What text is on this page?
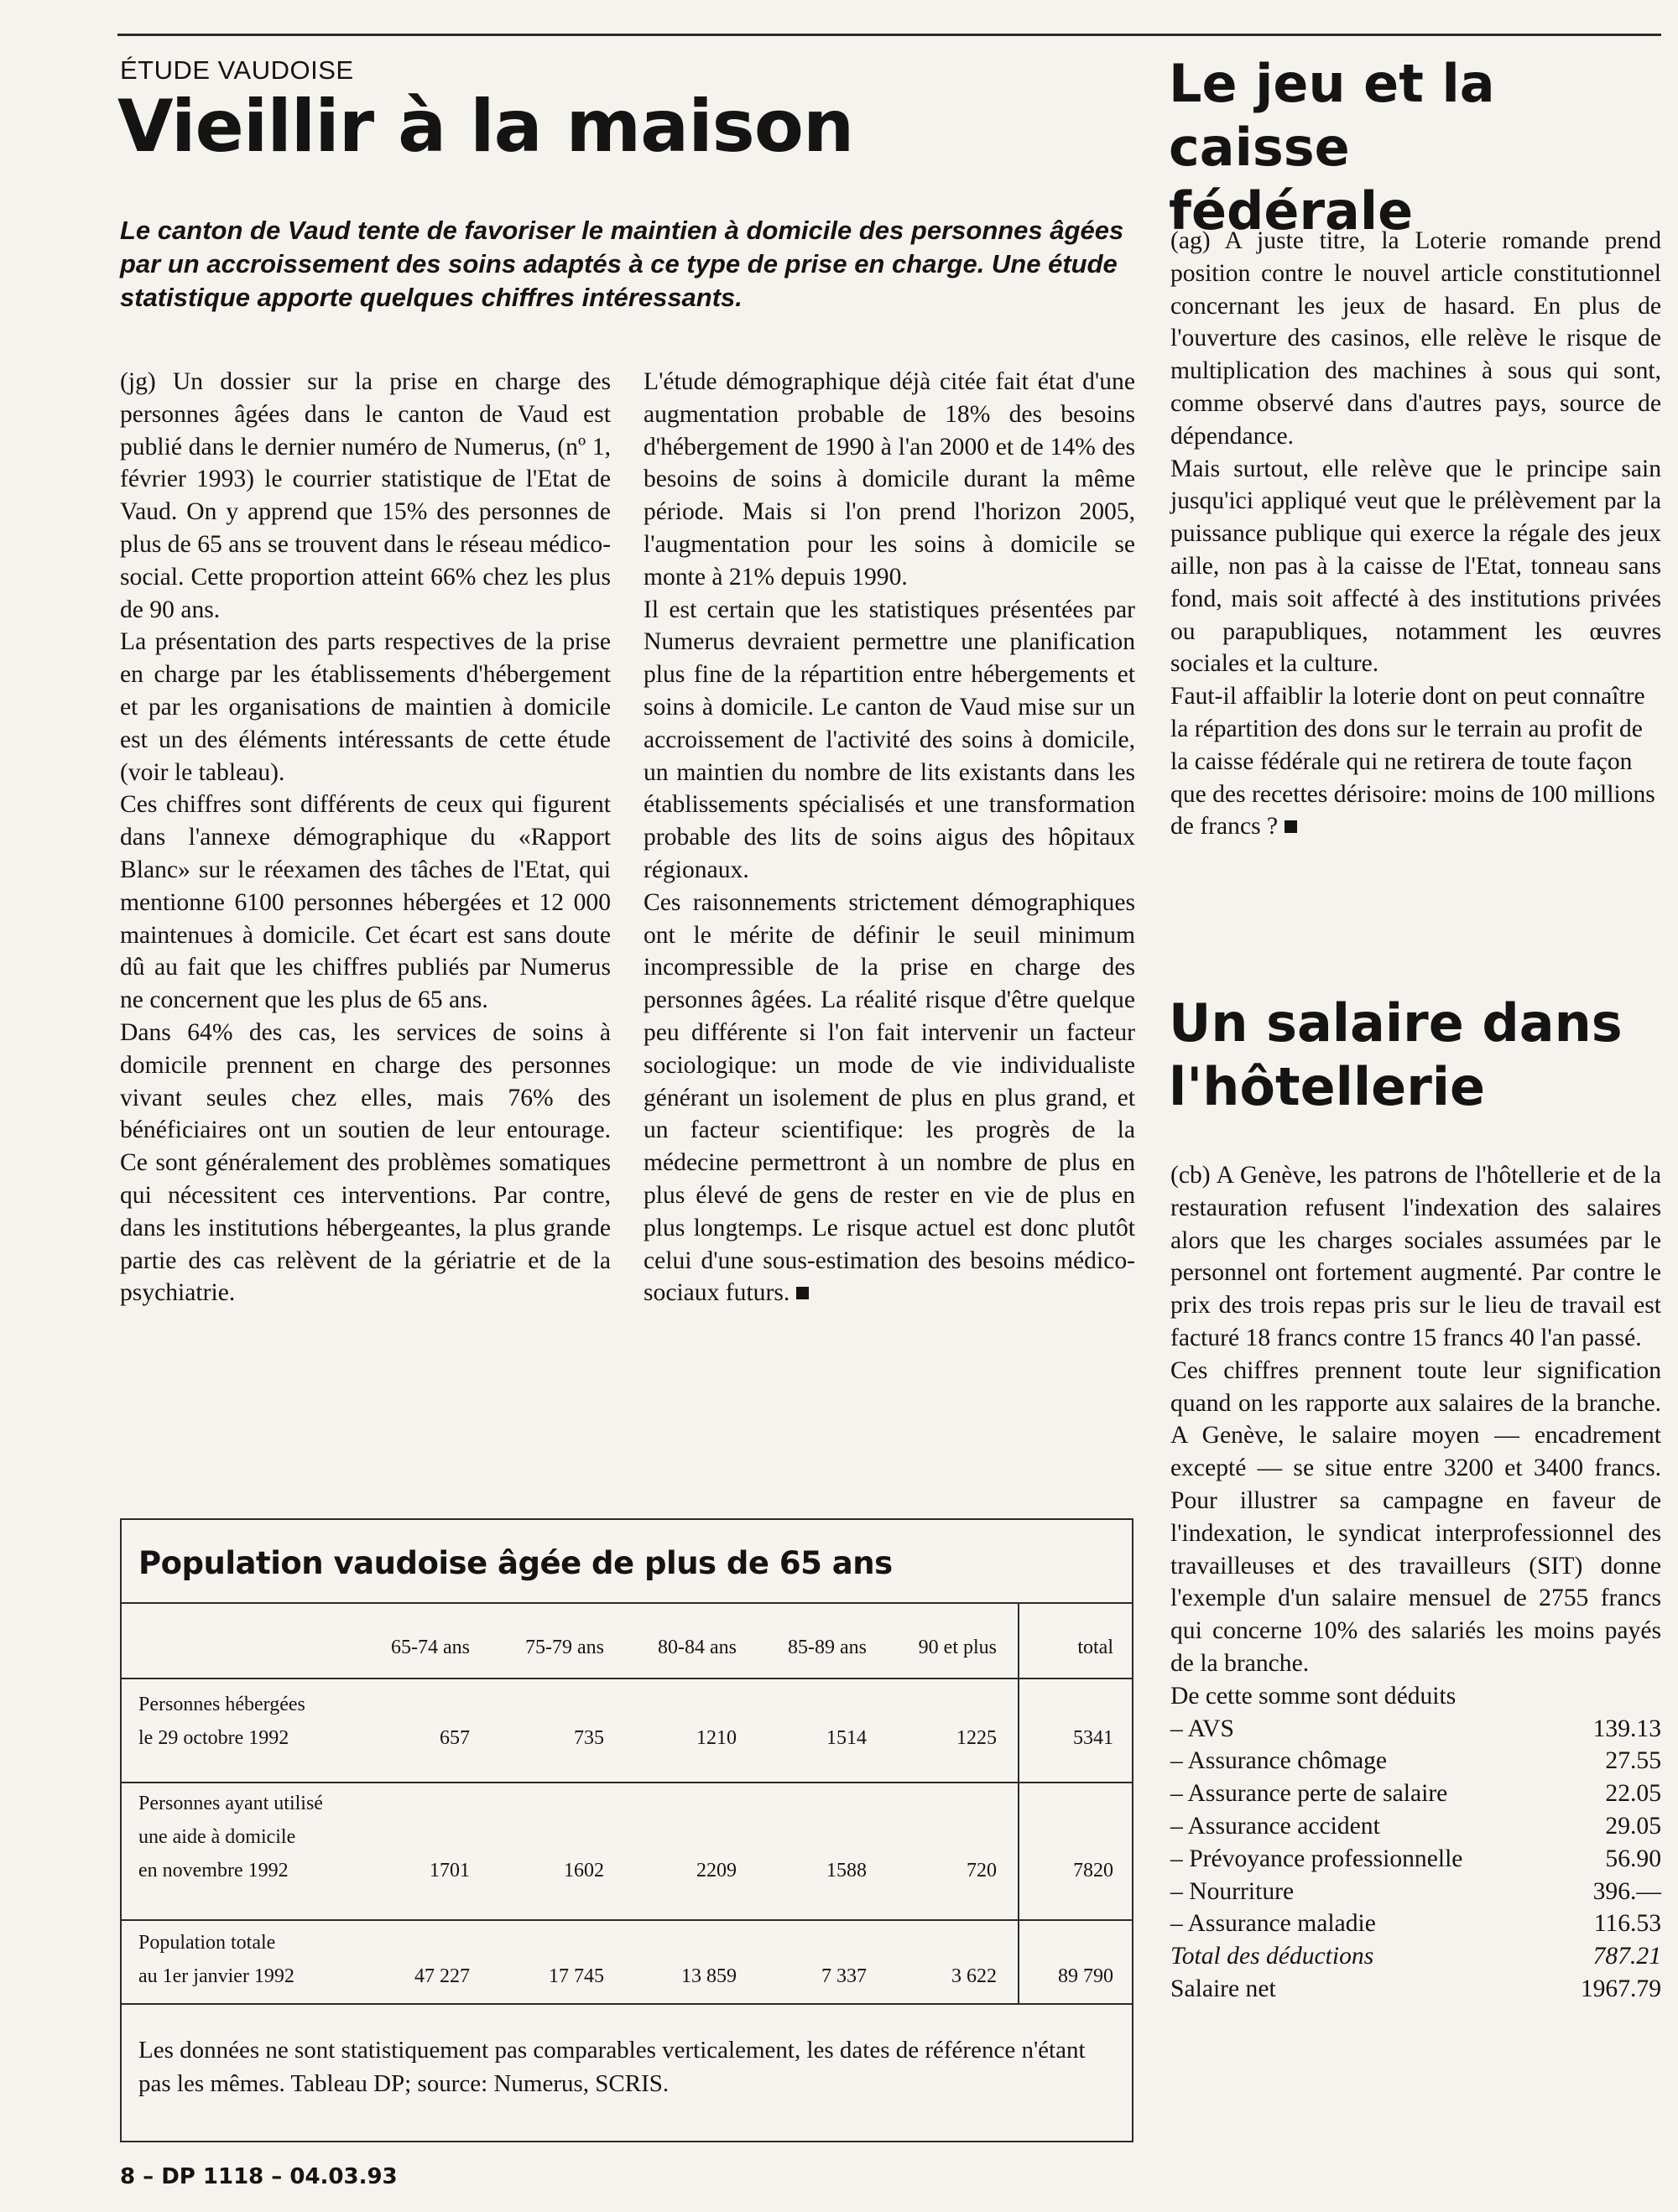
ÉTUDE VAUDOISE
Vieillir à la maison
Le canton de Vaud tente de favoriser le maintien à domicile des personnes âgées par un accroissement des soins adaptés à ce type de prise en charge. Une étude statistique apporte quelques chiffres intéressants.

(jg) Un dossier sur la prise en charge des personnes âgées dans le canton de Vaud est publié dans le dernier numéro de Numerus, (nº 1, février 1993) le courrier statistique de l'Etat de Vaud. On y apprend que 15% des personnes de plus de 65 ans se trouvent dans le réseau médico-social. Cette proportion atteint 66% chez les plus de 90 ans.

La présentation des parts respectives de la prise en charge par les établissements d'hébergement et par les organisations de maintien à domicile est un des éléments intéressants de cette étude (voir le tableau).

Ces chiffres sont différents de ceux qui figurent dans l'annexe démographique du «Rapport Blanc» sur le réexamen des tâches de l'Etat, qui mentionne 6100 personnes hébergées et 12 000 maintenues à domicile. Cet écart est sans doute dû au fait que les chiffres publiés par Numerus ne concernent que les plus de 65 ans.

Dans 64% des cas, les services de soins à domicile prennent en charge des personnes vivant seules chez elles, mais 76% des bénéficiaires ont un soutien de leur entourage. Ce sont généralement des problèmes somatiques qui nécessitent ces interventions. Par contre, dans les institutions hébergeantes, la plus grande partie des cas relèvent de la gériatrie et de la psychiatrie.

L'étude démographique déjà citée fait état d'une augmentation probable de 18% des besoins d'hébergement de 1990 à l'an 2000 et de 14% des besoins de soins à domicile durant la même période. Mais si l'on prend l'horizon 2005, l'augmentation pour les soins à domicile se monte à 21% depuis 1990.

Il est certain que les statistiques présentées par Numerus devraient permettre une planification plus fine de la répartition entre hébergements et soins à domicile. Le canton de Vaud mise sur un accroissement de l'activité des soins à domicile, un maintien du nombre de lits existants dans les établissements spécialisés et une transformation probable des lits de soins aigus des hôpitaux régionaux.

Ces raisonnements strictement démographiques ont le mérite de définir le seuil minimum incompressible de la prise en charge des personnes âgées. La réalité risque d'être quelque peu différente si l'on fait intervenir un facteur sociologique: un mode de vie individualiste générant un isolement de plus en plus grand, et un facteur scientifique: les progrès de la médecine permettront à un nombre de plus en plus élevé de gens de rester en vie de plus en plus longtemps. Le risque actuel est donc plutôt celui d'une sous-estimation des besoins médico-sociaux futurs.

Population vaudoise âgée de plus de 65 ans
65-74 ans	75-79 ans	80-84 ans	85-89 ans	90 et plus	total
Personnes hébergées
le 29 octobre 1992	657	735	1210	1514	1225	5341
Personnes ayant utilisé
une aide à domicile
en novembre 1992	1701	1602	2209	1588	720	7820
Population totale
au 1er janvier 1992	47 227	17 745	13 859	7 337	3 622	89 790
Les données ne sont statistiquement pas comparables verticalement, les dates de référence n'étant pas les mêmes. Tableau DP; source: Numerus, SCRIS.
Le jeu et la caisse
fédérale

(ag) A juste titre, la Loterie romande prend position contre le nouvel article constitutionnel concernant les jeux de hasard. En plus de l'ouverture des casinos, elle relève le risque de multiplication des machines à sous qui sont, comme observé dans d'autres pays, source de dépendance.

Mais surtout, elle relève que le principe sain jusqu'ici appliqué veut que le prélèvement par la puissance publique qui exerce la régale des jeux aille, non pas à la caisse de l'Etat, tonneau sans fond, mais soit affecté à des institutions privées ou parapubliques, notamment les œuvres sociales et la culture.

Faut-il affaiblir la loterie dont on peut connaître la répartition des dons sur le terrain au profit de la caisse fédérale qui ne retirera de toute façon que des recettes dérisoire: moins de 100 millions de francs ?

Un salaire dans
l'hôtellerie

(cb) A Genève, les patrons de l'hôtellerie et de la restauration refusent l'indexation des salaires alors que les charges sociales assumées par le personnel ont fortement augmenté. Par contre le prix des trois repas pris sur le lieu de travail est facturé 18 francs contre 15 francs 40 l'an passé.

Ces chiffres prennent toute leur signification quand on les rapporte aux salaires de la branche. A Genève, le salaire moyen — encadrement excepté — se situe entre 3200 et 3400 francs. Pour illustrer sa campagne en faveur de l'indexation, le syndicat interprofessionnel des travailleuses et des travailleurs (SIT) donne l'exemple d'un salaire mensuel de 2755 francs qui concerne 10% des salariés les moins payés de la branche.

De cette somme sont déduits

– AVS	139.13
– Assurance chômage	27.55
– Assurance perte de salaire	22.05
– Assurance accident	29.05
– Prévoyance professionnelle	56.90
– Nourriture	396.—
– Assurance maladie	116.53
Total des déductions	787.21
Salaire net	1967.79
8 – DP 1118 – 04.03.93
